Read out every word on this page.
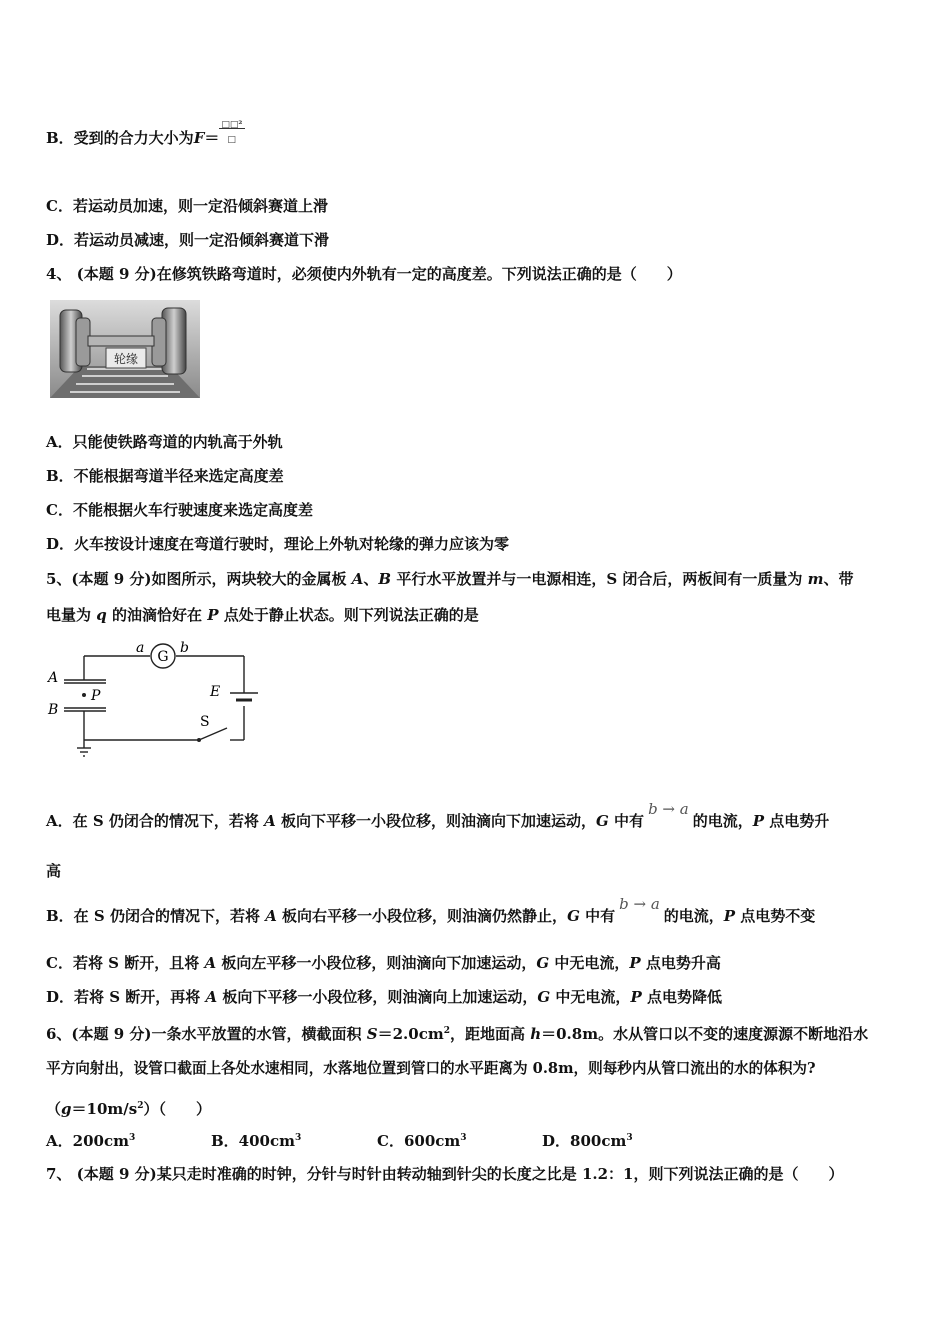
B．受到的合力大小为$F= \frac{\text{□□²}}{□}$
C．若运动员加速，则一定沿倾斜赛道上滑
D．若运动员减速，则一定沿倾斜赛道下滑
4、 (本题 9 分)在修筑铁路弯道时，必须使内外轨有一定的高度差。下列说法正确的是（　　）
轮缘
A．只能使铁路弯道的内轨高于外轨
B．不能根据弯道半径来选定高度差
C．不能根据火车行驶速度来选定高度差
D．火车按设计速度在弯道行驶时，理论上外轨对轮缘的弹力应该为零
5、(本题 9 分)如图所示，两块较大的金属板 A、B 平行水平放置并与一电源相连，S 闭合后，两板间有一质量为 m、带
电量为 q 的油滴恰好在 P 点处于静止状态。则下列说法正确的是
G
a	b
A
B
P	E
S
A．在 S 仍闭合的情况下，若将 A 板向下平移一小段位移，则油滴向下加速运动，G 中有b → a的电流，P 点电势升
高
B．在 S 仍闭合的情况下，若将 A 板向右平移一小段位移，则油滴仍然静止，G 中有b → a的电流，P 点电势不变
C．若将 S 断开，且将 A 板向左平移一小段位移，则油滴向下加速运动，G 中无电流，P 点电势升高
D．若将 S 断开，再将 A 板向下平移一小段位移，则油滴向上加速运动，G 中无电流，P 点电势降低
6、(本题 9 分)一条水平放置的水管，横截面积 $S=2.0cm^2$，距地面高 h＝0.8m。水从管口以不变的速度源源不断地沿水
平方向射出，设管口截面上各处水速相同，水落地位置到管口的水平距离为 0.8m，则每秒内从管口流出的水的体积为?
$(g=10m/s^2)$（　　）
A．$200cm^3$	B．$400cm^3$	C．$600cm^3$	D．$800cm^3$
7、 (本题 9 分)某只走时准确的时钟，分针与时针由转动轴到针尖的长度之比是 1.2：1，则下列说法正确的是（　　）
